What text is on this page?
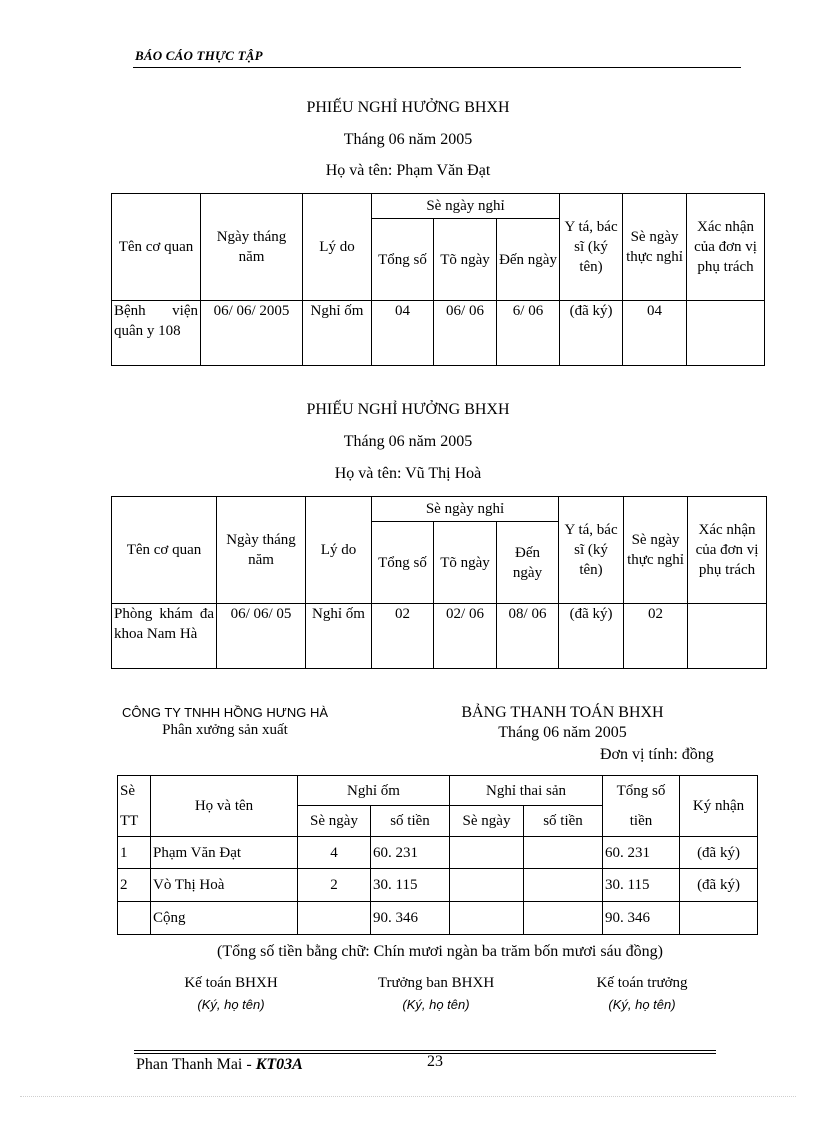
BÁO CÁO THỰC TẬP
PHIẾU NGHỈ HƯỞNG BHXH
Tháng 06 năm 2005
Họ và tên: Phạm Văn Đạt
Tên cơ quan	Ngày tháng năm	Lý do	Sè ngày nghỉ			Y tá, bác sĩ (ký tên)	Sè ngày thực nghỉ	Xác nhận của đơn vị phụ trách
			Tổng số	Tõ ngày	Đến ngày			
Bệnh viện quân y 108	06/ 06/ 2005	Nghỉ ốm	04	06/ 06	6/ 06	(đã ký)	04	
PHIẾU NGHỈ HƯỞNG BHXH
Tháng 06 năm 2005
Họ và tên: Vũ Thị Hoà
Tên cơ quan	Ngày tháng năm	Lý do	Sè ngày nghỉ			Y tá, bác sĩ (ký tên)	Sè ngày thực nghỉ	Xác nhận của đơn vị phụ trách
			Tổng số	Tõ ngày	Đến ngày			
Phòng khám đa khoa Nam Hà	06/ 06/ 05	Nghỉ ốm	02	02/ 06	08/ 06	(đã ký)	02	
CÔNG TY TNHH HỒNG HƯNG HÀ
Phân xưởng sản xuất
BẢNG THANH TOÁN BHXH
Tháng 06 năm 2005
Đơn vị tính: đồng
Sè	Họ và tên	Nghỉ ốm		Nghỉ thai sản		Tổng số	Ký nhận
TT		Sè ngày	số tiền	Sè ngày	số tiền	tiền	
1	Phạm Văn Đạt	4	60. 231			60. 231	(đã ký)
2	Vò Thị Hoà	2	30. 115			30. 115	(đã ký)
	Cộng		90. 346			90. 346	
(Tổng số tiền bằng chữ: Chín mươi ngàn ba trăm bốn mươi sáu đồng)
Kế toán BHXH
(Ký, họ tên)
Trưởng ban BHXH
(Ký, họ tên)
Kế toán trưởng
(Ký, họ tên)
Phan Thanh Mai - KT03A	23
